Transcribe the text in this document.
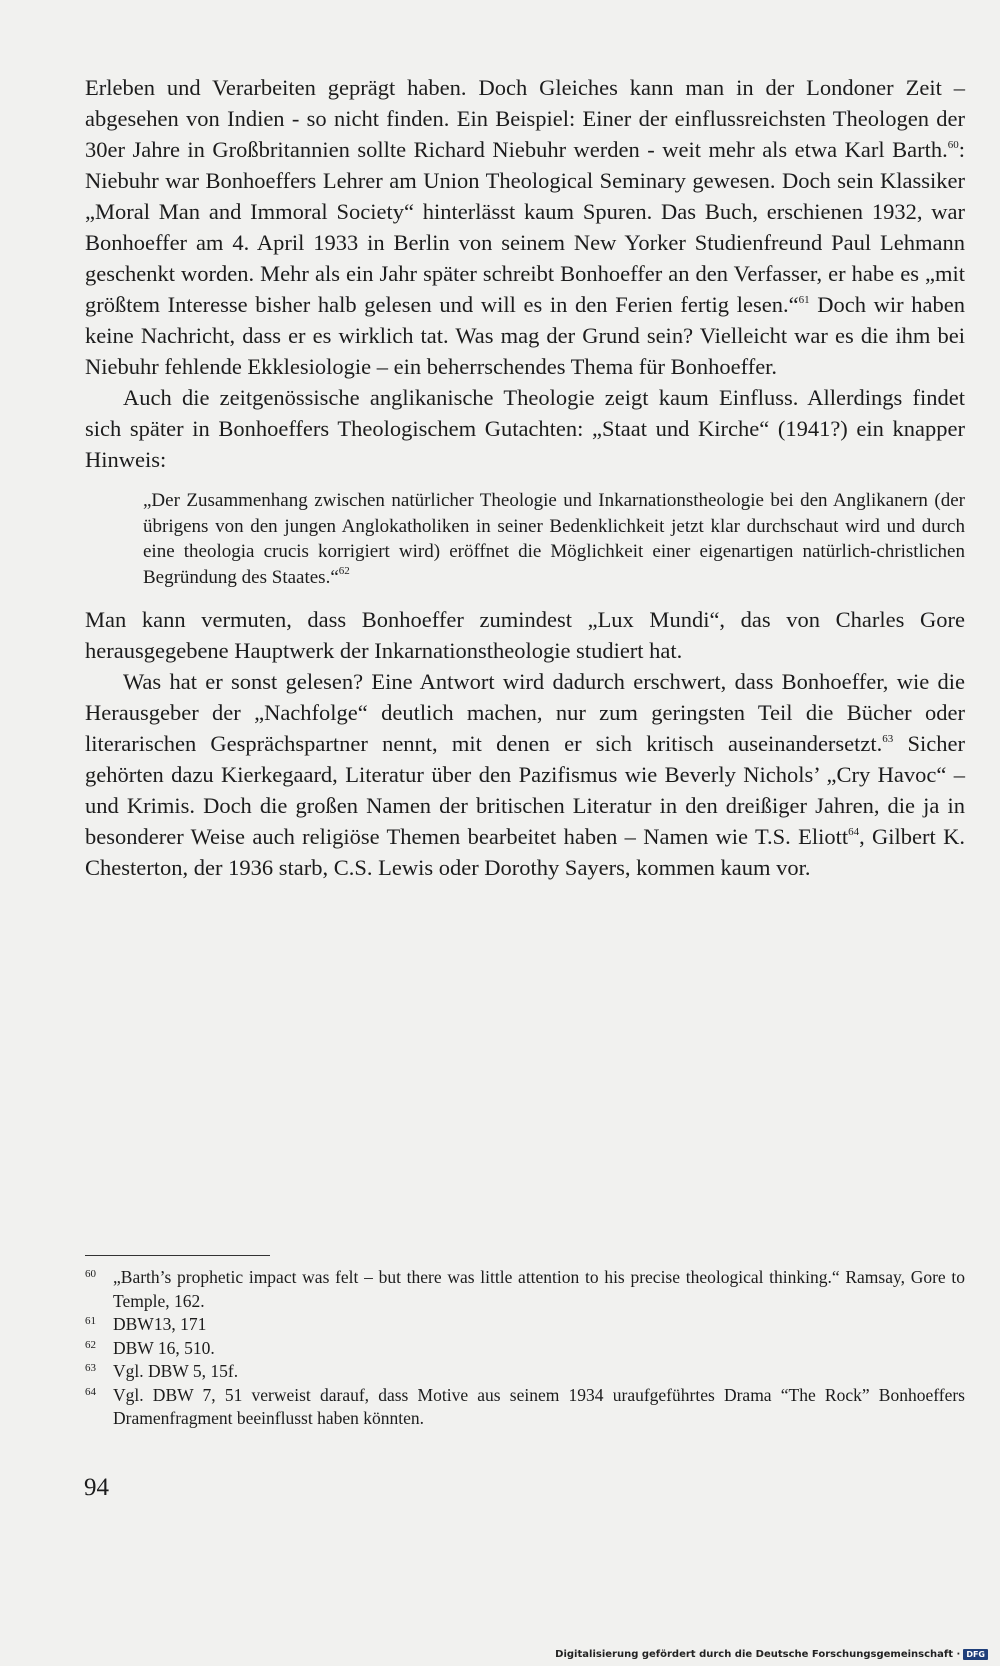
Erleben und Verarbeiten geprägt haben. Doch Gleiches kann man in der Londoner Zeit – abgesehen von Indien - so nicht finden. Ein Beispiel: Einer der einflussreichsten Theologen der 30er Jahre in Großbritannien sollte Richard Niebuhr werden - weit mehr als etwa Karl Barth.$^{60}$: Niebuhr war Bonhoeffers Lehrer am Union Theological Seminary gewesen. Doch sein Klassiker „Moral Man and Immoral Society“ hinterlässt kaum Spuren. Das Buch, erschienen 1932, war Bonhoeffer am 4. April 1933 in Berlin von seinem New Yorker Studienfreund Paul Lehmann geschenkt worden. Mehr als ein Jahr später schreibt Bonhoeffer an den Verfasser, er habe es „mit größtem Interesse bisher halb gelesen und will es in den Ferien fertig lesen.“$^{61}$ Doch wir haben keine Nachricht, dass er es wirklich tat. Was mag der Grund sein? Vielleicht war es die ihm bei Niebuhr fehlende Ekklesiologie – ein beherrschendes Thema für Bonhoeffer.

Auch die zeitgenössische anglikanische Theologie zeigt kaum Einfluss. Allerdings findet sich später in Bonhoeffers Theologischem Gutachten: „Staat und Kirche“ (1941?) ein knapper Hinweis:

„Der Zusammenhang zwischen natürlicher Theologie und Inkarnationstheologie bei den Anglikanern (der übrigens von den jungen Anglokatholiken in seiner Bedenklichkeit jetzt klar durchschaut wird und durch eine theologia crucis korrigiert wird) eröffnet die Möglichkeit einer eigenartigen natürlich-christlichen Begründung des Staates.“$^{62}$

Man kann vermuten, dass Bonhoeffer zumindest „Lux Mundi“, das von Charles Gore herausgegebene Hauptwerk der Inkarnationstheologie studiert hat.

Was hat er sonst gelesen? Eine Antwort wird dadurch erschwert, dass Bonhoeffer, wie die Herausgeber der „Nachfolge“ deutlich machen, nur zum geringsten Teil die Bücher oder literarischen Gesprächspartner nennt, mit denen er sich kritisch auseinandersetzt.$^{63}$ Sicher gehörten dazu Kierkegaard, Literatur über den Pazifismus wie Beverly Nichols’ „Cry Havoc“ – und Krimis. Doch die großen Namen der britischen Literatur in den dreißiger Jahren, die ja in besonderer Weise auch religiöse Themen bearbeitet haben – Namen wie T.S. Eliott$^{64}$, Gilbert K. Chesterton, der 1936 starb, C.S. Lewis oder Dorothy Sayers, kommen kaum vor.

60 „Barth’s prophetic impact was felt – but there was little attention to his precise theological thinking.“ Ramsay, Gore to Temple, 162.
61 DBW13, 171
62 DBW 16, 510.
63 Vgl. DBW 5, 15f.
64 Vgl. DBW 7, 51 verweist darauf, dass Motive aus seinem 1934 uraufgeführtes Drama “The Rock” Bonhoeffers Dramenfragment beeinflusst haben könnten.
94
Digitalisierung gefördert durch die Deutsche Forschungsgemeinschaft · DFG
